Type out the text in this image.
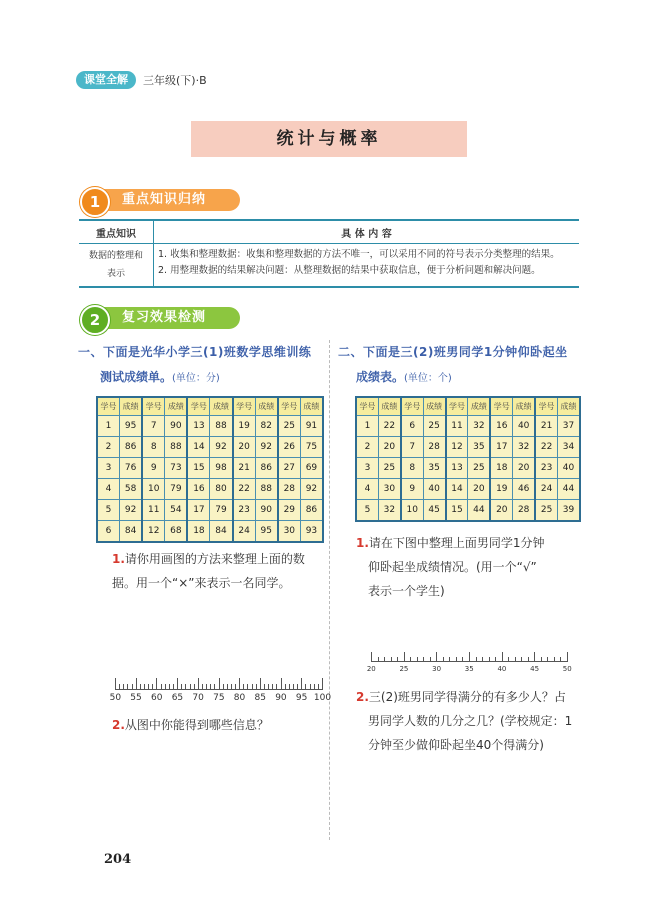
课堂全解	三年级(下)·B
统计与概率
重点知识归纳
1
重点知识	具 体 内 容
数据的整理和表示	1. 收集和整理数据：收集和整理数据的方法不唯一，可以采用不同的符号表示分类整理的结果。
2. 用整理数据的结果解决问题：从整理数据的结果中获取信息，便于分析问题和解决问题。
复习效果检测
2
一、下面是光华小学三(1)班数学思维训练
测试成绩单。(单位：分)
学号	成绩	学号	成绩	学号	成绩	学号	成绩	学号	成绩
1	95	7	90	13	88	19	82	25	91
2	86	8	88	14	92	20	92	26	75
3	76	9	73	15	98	21	86	27	69
4	58	10	79	16	80	22	88	28	92
5	92	11	54	17	79	23	90	29	86
6	84	12	68	18	84	24	95	30	93
1.请你用画图的方法来整理上面的数
据。用一个“×”来表示一名同学。
50 55 60 65 70 75 80 85 90 95 100
2.从图中你能得到哪些信息？
二、下面是三(2)班男同学1分钟仰卧起坐
成绩表。(单位：个)
学号	成绩	学号	成绩	学号	成绩	学号	成绩	学号	成绩
1	22	6	25	11	32	16	40	21	37
2	20	7	28	12	35	17	32	22	34
3	25	8	35	13	25	18	20	23	40
4	30	9	40	14	20	19	46	24	44
5	32	10	45	15	44	20	28	25	39
1.请在下图中整理上面男同学1分钟
仰卧起坐成绩情况。(用一个“√”
表示一个学生)
20	25	30	35	40	45	50
2.三(2)班男同学得满分的有多少人？占
男同学人数的几分之几？(学校规定：1
分钟至少做仰卧起坐40个得满分)
204
